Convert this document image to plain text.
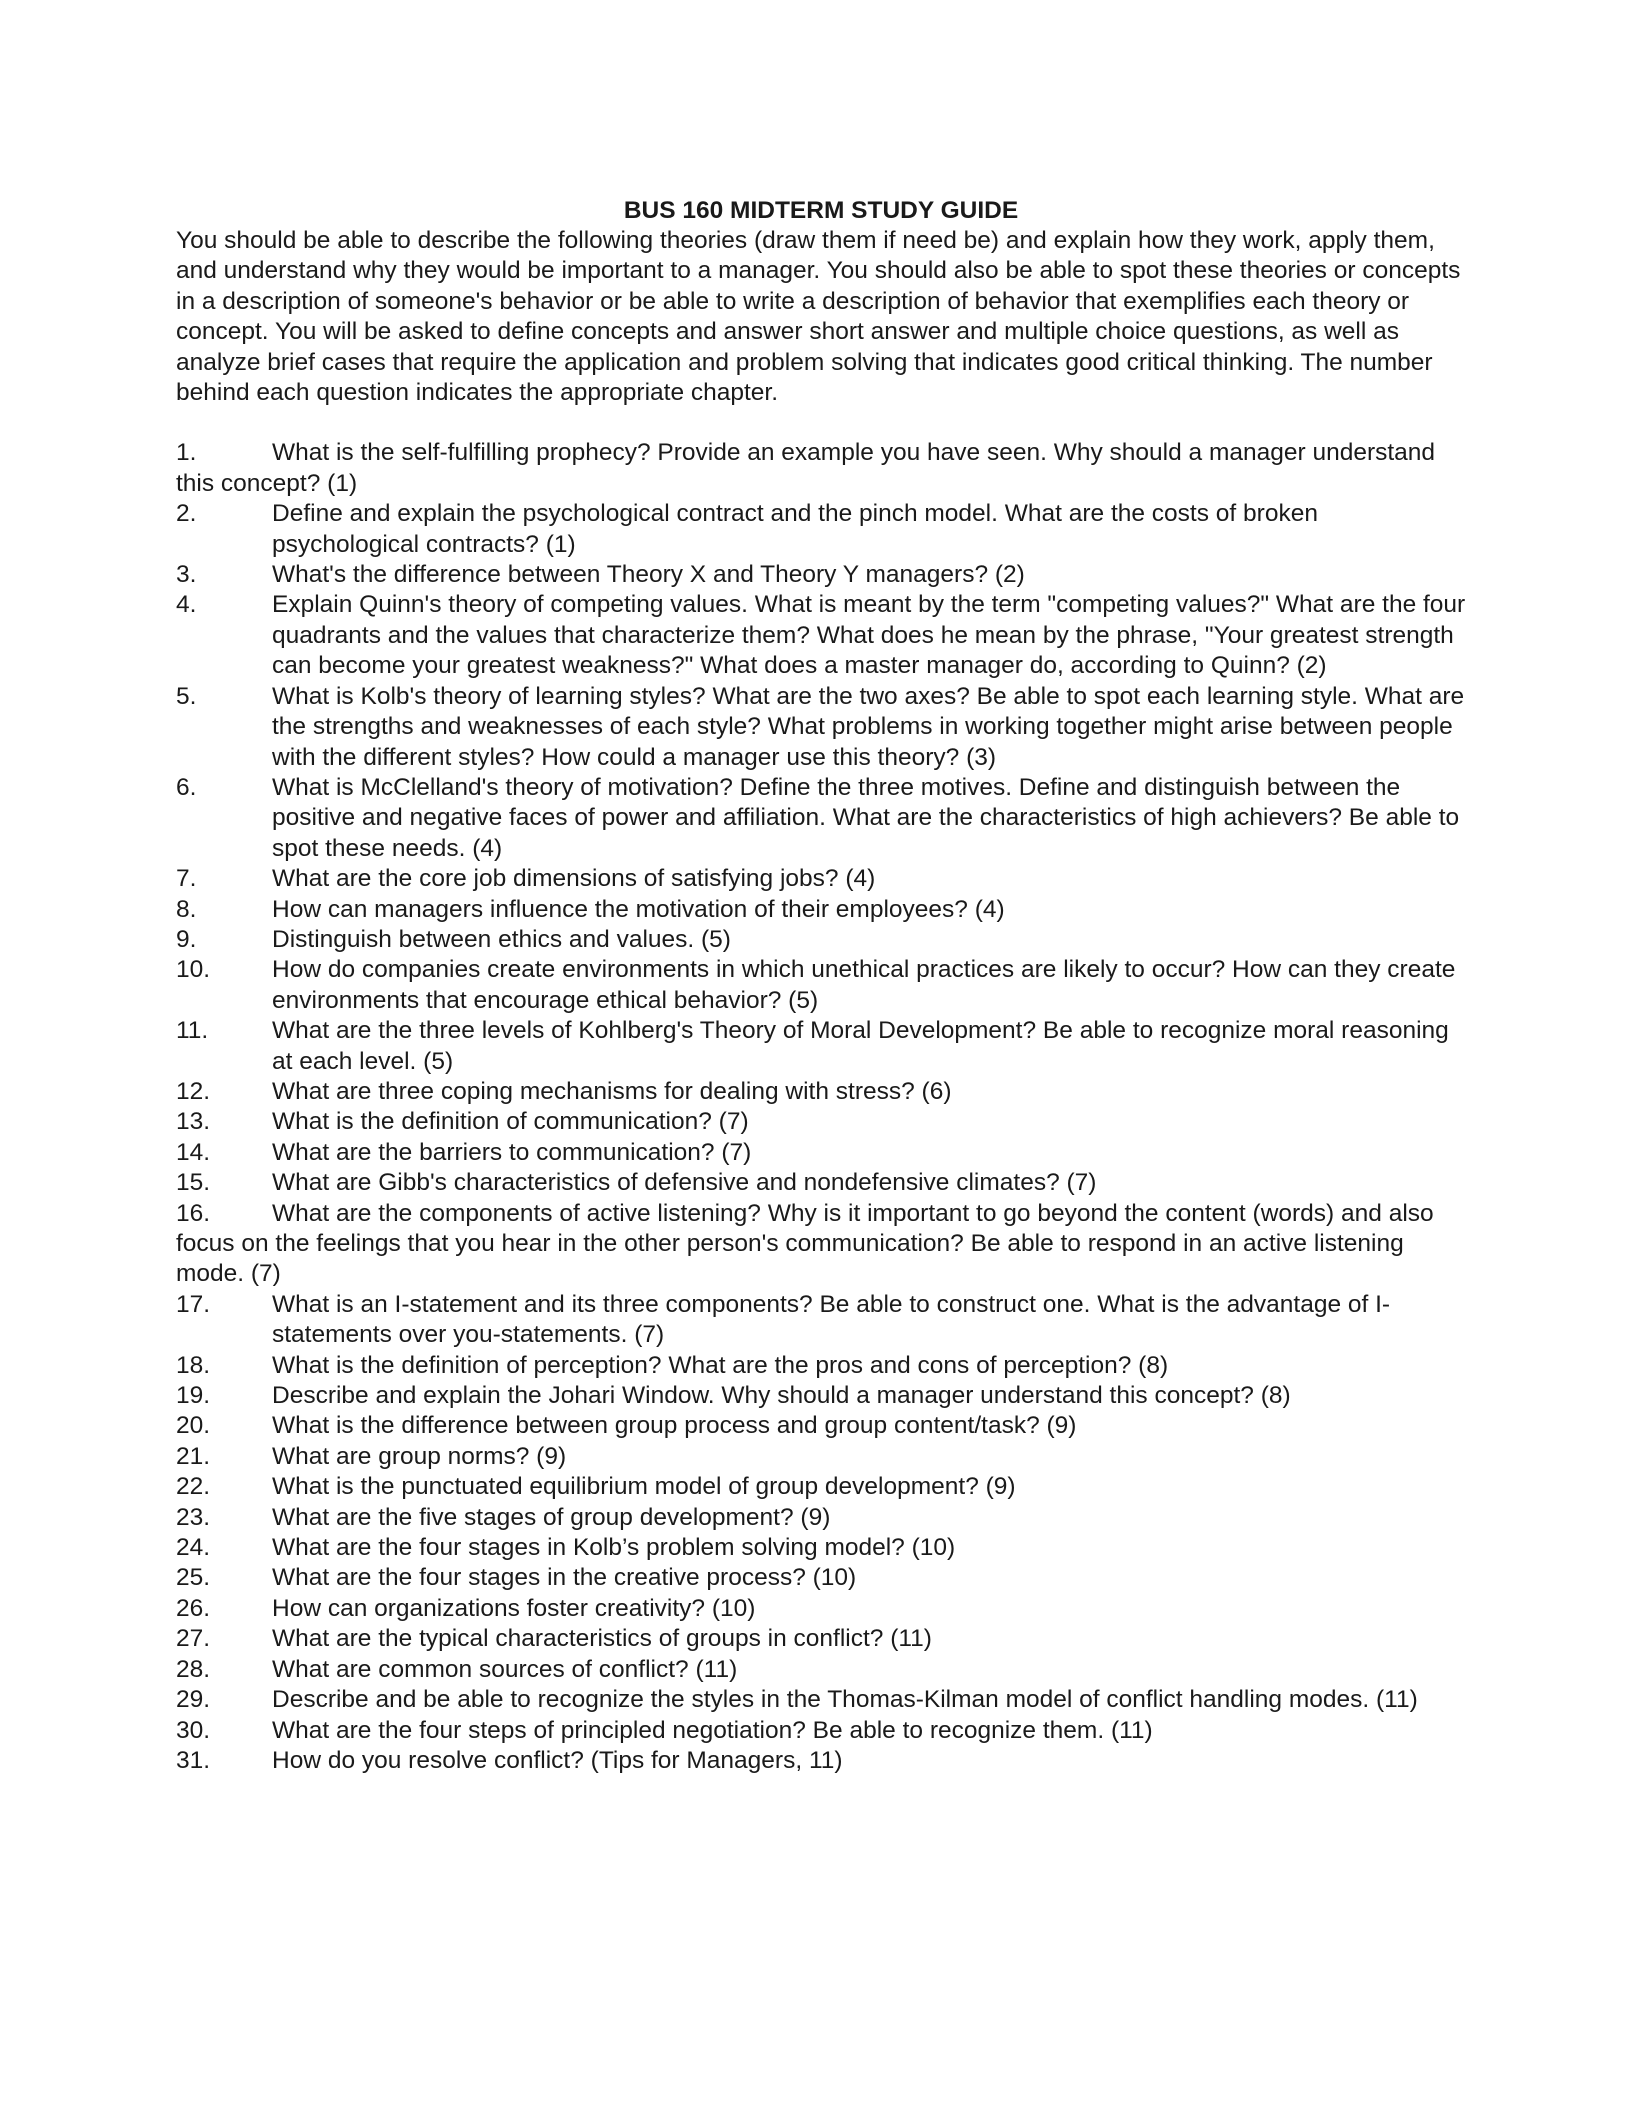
BUS 160 MIDTERM STUDY GUIDE

You should be able to describe the following theories (draw them if need be) and explain how they work, apply them, and understand why they would be important to a manager. You should also be able to spot these theories or concepts in a description of someone's behavior or be able to write a description of behavior that exemplifies each theory or concept. You will be asked to define concepts and answer short answer and multiple choice questions, as well as analyze brief cases that require the application and problem solving that indicates good critical thinking. The number behind each question indicates the appropriate chapter.

1.	What is the self-fulfilling prophecy? Provide an example you have seen. Why should a manager understand this concept? (1)
2.	Define and explain the psychological contract and the pinch model. What are the costs of broken psychological contracts? (1)
3.	What's the difference between Theory X and Theory Y managers? (2)
4.	Explain Quinn's theory of competing values. What is meant by the term "competing values?" What are the four quadrants and the values that characterize them? What does he mean by the phrase, "Your greatest strength can become your greatest weakness?" What does a master manager do, according to Quinn? (2)
5.	What is Kolb's theory of learning styles? What are the two axes? Be able to spot each learning style. What are the strengths and weaknesses of each style? What problems in working together might arise between people with the different styles? How could a manager use this theory? (3)
6.	What is McClelland's theory of motivation? Define the three motives. Define and distinguish between the positive and negative faces of power and affiliation. What are the characteristics of high achievers? Be able to spot these needs. (4)
7.	What are the core job dimensions of satisfying jobs? (4)
8.	How can managers influence the motivation of their employees? (4)
9.	Distinguish between ethics and values. (5)
10.	How do companies create environments in which unethical practices are likely to occur? How can they create environments that encourage ethical behavior? (5)
11.	What are the three levels of Kohlberg's Theory of Moral Development? Be able to recognize moral reasoning at each level. (5)
12.	What are three coping mechanisms for dealing with stress? (6)
13.	What is the definition of communication? (7)
14.	What are the barriers to communication? (7)
15.	What are Gibb's characteristics of defensive and nondefensive climates? (7)
16.	What are the components of active listening? Why is it important to go beyond the content (words) and also focus on the feelings that you hear in the other person's communication? Be able to respond in an active listening mode. (7)
17.	What is an I-statement and its three components? Be able to construct one. What is the advantage of I-statements over you-statements. (7)
18.	What is the definition of perception? What are the pros and cons of perception? (8)
19.	Describe and explain the Johari Window. Why should a manager understand this concept? (8)
20.	What is the difference between group process and group content/task? (9)
21.	What are group norms? (9)
22.	What is the punctuated equilibrium model of group development? (9)
23.	What are the five stages of group development? (9)
24.	What are the four stages in Kolb’s problem solving model? (10)
25.	What are the four stages in the creative process? (10)
26.	How can organizations foster creativity? (10)
27.	What are the typical characteristics of groups in conflict? (11)
28.	What are common sources of conflict? (11)
29.	Describe and be able to recognize the styles in the Thomas-Kilman model of conflict handling modes. (11)
30.	What are the four steps of principled negotiation? Be able to recognize them. (11)
31.	How do you resolve conflict? (Tips for Managers, 11)
